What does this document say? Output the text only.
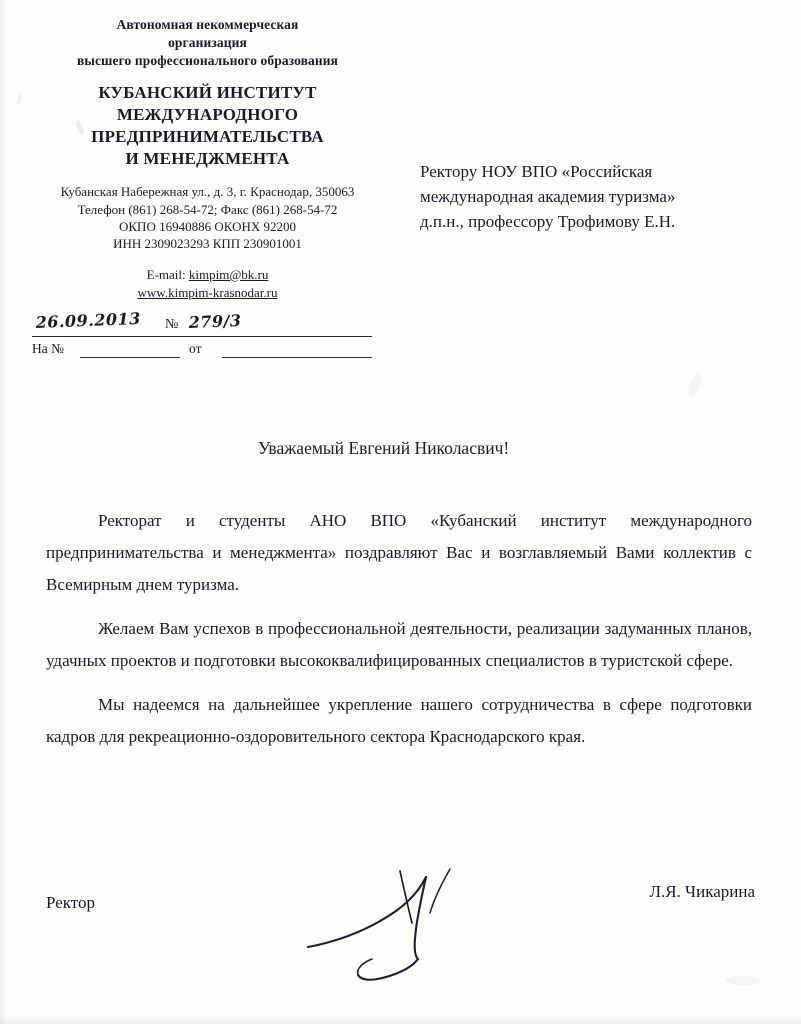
Автономная некоммерческая
организация
высшего профессионального образования
КУБАНСКИЙ ИНСТИТУТ
МЕЖДУНАРОДНОГО
ПРЕДПРИНИМАТЕЛЬСТВА
И МЕНЕДЖМЕНТА
Кубанская Набережная ул., д. 3, г. Краснодар, 350063
Телефон (861) 268-54-72; Факс (861) 268-54-72
ОКПО 16940886 ОКОНХ 92200
ИНН 2309023293 КПП 230901001
E-mail: kimpim@bk.ru
www.kimpim-krasnodar.ru
26.09.2013 № 279/3
На №	от
Ректору НОУ ВПО «Российская
международная академия туризма»
д.п.н., профессору Трофимову Е.Н.
Уважаемый Евгений Николасвич!

Ректорат и студенты АНО ВПО «Кубанский институт международного предпринимательства и менеджмента» поздравляют Вас и возглавляемый Вами коллектив с Всемирным днем туризма.

Желаем Вам успехов в профессиональной деятельности, реализации задуманных планов, удачных проектов и подготовки высококвалифицированных специалистов в туристской сфере.

Мы надеемся на дальнейшее укрепление нашего сотрудничества в сфере подготовки кадров для рекреационно-оздоровительного сектора Краснодарского края.

Ректор
Л.Я. Чикарина
